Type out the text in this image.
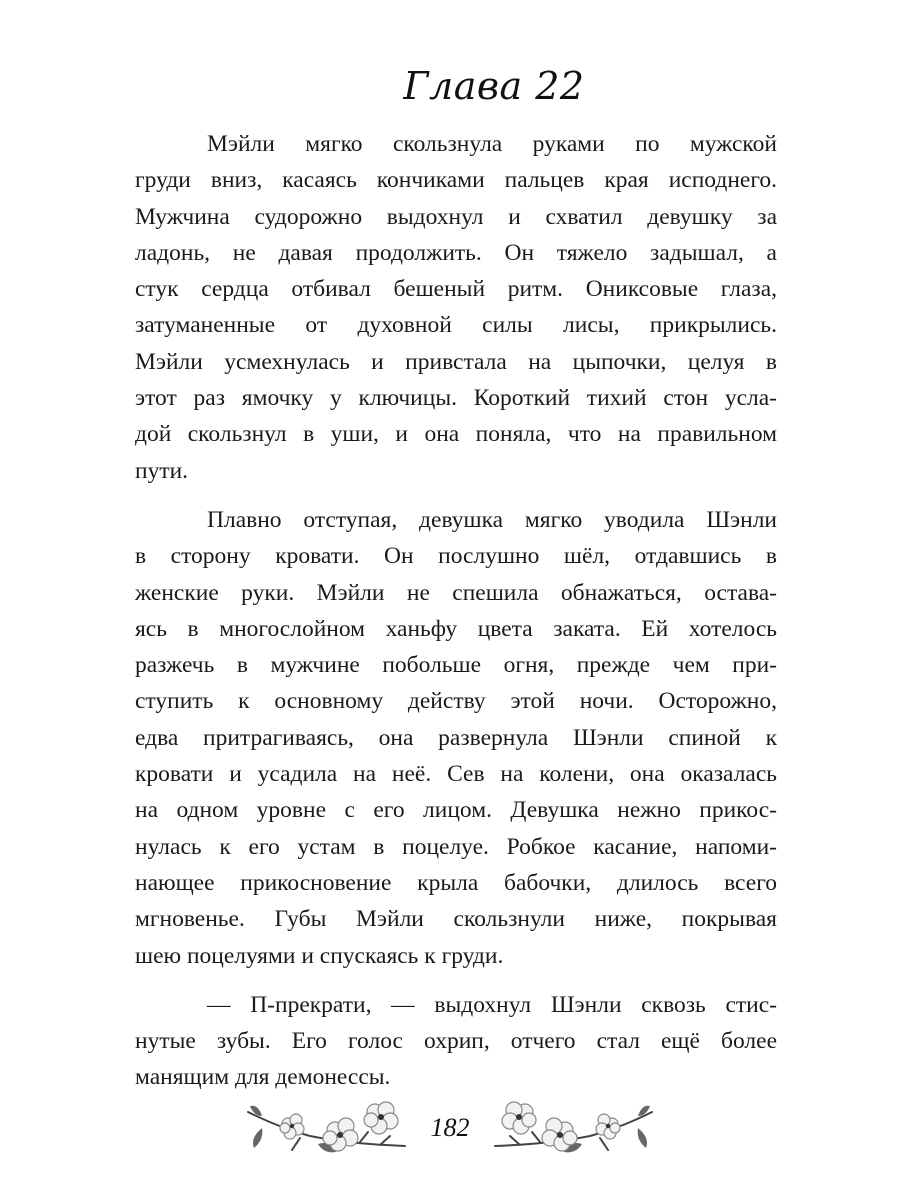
Глава 22
Мэйли мягко скользнула руками по мужской
груди вниз, касаясь кончиками пальцев края исподнего.
Мужчина судорожно выдохнул и схватил девушку за
ладонь, не давая продолжить. Он тяжело задышал, а
стук сердца отбивал бешеный ритм. Ониксовые глаза,
затуманенные от духовной силы лисы, прикрылись.
Мэйли усмехнулась и привстала на цыпочки, целуя в
этот раз ямочку у ключицы. Короткий тихий стон усла-
дой скользнул в уши, и она поняла, что на правильном
пути.
Плавно отступая, девушка мягко уводила Шэнли
в сторону кровати. Он послушно шёл, отдавшись в
женские руки. Мэйли не спешила обнажаться, остава-
ясь в многослойном ханьфу цвета заката. Ей хотелось
разжечь в мужчине побольше огня, прежде чем при-
ступить к основному действу этой ночи. Осторожно,
едва притрагиваясь, она развернула Шэнли спиной к
кровати и усадила на неё. Сев на колени, она оказалась
на одном уровне с его лицом. Девушка нежно прикос-
нулась к его устам в поцелуе. Робкое касание, напоми-
нающее прикосновение крыла бабочки, длилось всего
мгновенье. Губы Мэйли скользнули ниже, покрывая
шею поцелуями и спускаясь к груди.
— П-прекрати, — выдохнул Шэнли сквозь стис-
нутые зубы. Его голос охрип, отчего стал ещё более
манящим для демонессы.
182
